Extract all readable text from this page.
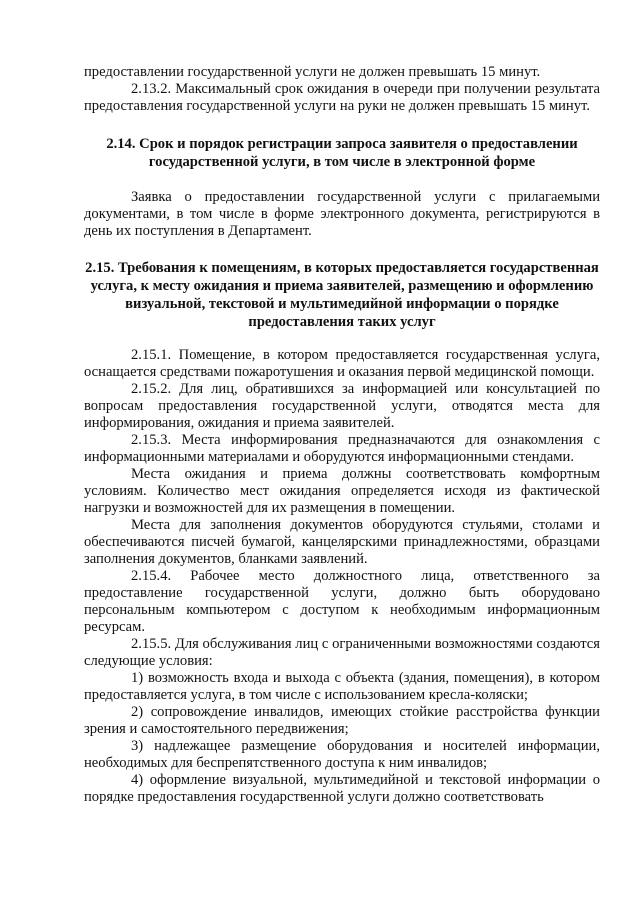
предоставлении государственной услуги не должен превышать 15 минут.

2.13.2. Максимальный срок ожидания в очереди при получении результата предоставления государственной услуги на руки не должен превышать 15 минут.

2.14. Срок и порядок регистрации запроса заявителя о предоставлении государственной услуги, в том числе в электронной форме

Заявка о предоставлении государственной услуги с прилагаемыми документами, в том числе в форме электронного документа, регистрируются в день их поступления в Департамент.

2.15. Требования к помещениям, в которых предоставляется государственная услуга, к месту ожидания и приема заявителей, размещению и оформлению визуальной, текстовой и мультимедийной информации о порядке предоставления таких услуг

2.15.1. Помещение, в котором предоставляется государственная услуга, оснащается средствами пожаротушения и оказания первой медицинской помощи.

2.15.2. Для лиц, обратившихся за информацией или консультацией по вопросам предоставления государственной услуги, отводятся места для информирования, ожидания и приема заявителей.

2.15.3. Места информирования предназначаются для ознакомления с информационными материалами и оборудуются информационными стендами.

Места ожидания и приема должны соответствовать комфортным условиям. Количество мест ожидания определяется исходя из фактической нагрузки и возможностей для их размещения в помещении.

Места для заполнения документов оборудуются стульями, столами и обеспечиваются писчей бумагой, канцелярскими принадлежностями, образцами заполнения документов, бланками заявлений.

2.15.4. Рабочее место должностного лица, ответственного за предоставление государственной услуги, должно быть оборудовано персональным компьютером с доступом к необходимым информационным ресурсам.

2.15.5. Для обслуживания лиц с ограниченными возможностями создаются следующие условия:

1) возможность входа и выхода с объекта (здания, помещения), в котором предоставляется услуга, в том числе с использованием кресла-коляски;

2) сопровождение инвалидов, имеющих стойкие расстройства функции зрения и самостоятельного передвижения;

3) надлежащее размещение оборудования и носителей информации, необходимых для беспрепятственного доступа к ним инвалидов;

4) оформление визуальной, мультимедийной и текстовой информации о порядке предоставления государственной услуги должно соответствовать
